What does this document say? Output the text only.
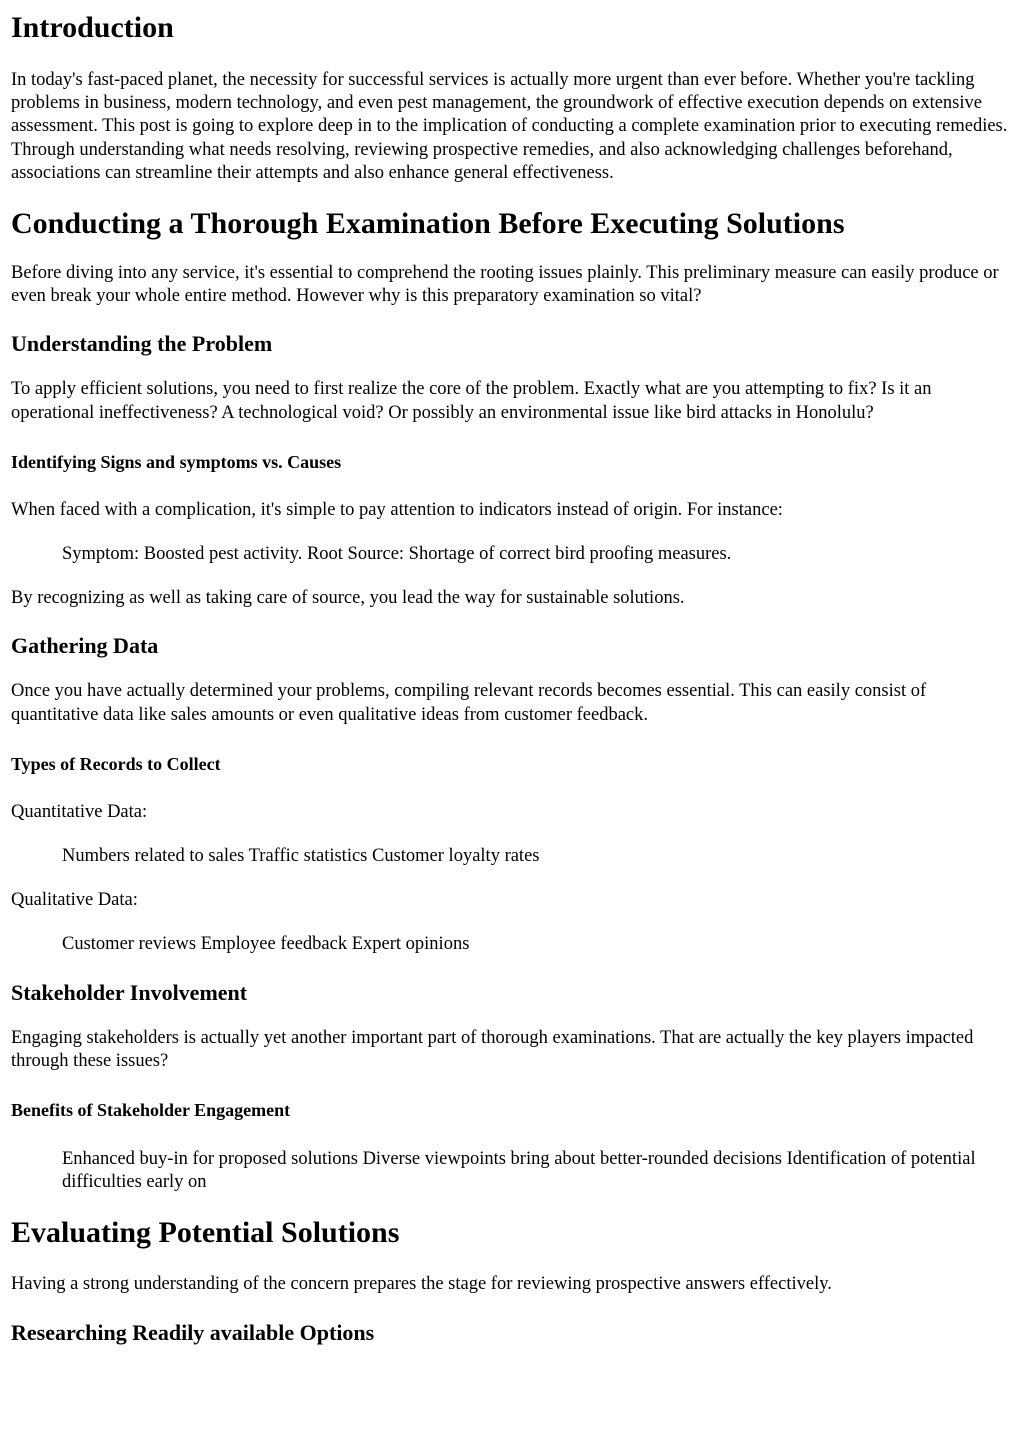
Introduction

In today's fast-paced planet, the necessity for successful services is actually more urgent than ever before. Whether you're tackling problems in business, modern technology, and even pest management, the groundwork of effective execution depends on extensive assessment. This post is going to explore deep in to the implication of conducting a complete examination prior to executing remedies. Through understanding what needs resolving, reviewing prospective remedies, and also acknowledging challenges beforehand, associations can streamline their attempts and also enhance general effectiveness.

Conducting a Thorough Examination Before Executing Solutions

Before diving into any service, it's essential to comprehend the rooting issues plainly. This preliminary measure can easily produce or even break your whole entire method. However why is this preparatory examination so vital?

Understanding the Problem

To apply efficient solutions, you need to first realize the core of the problem. Exactly what are you attempting to fix? Is it an operational ineffectiveness? A technological void? Or possibly an environmental issue like bird attacks in Honolulu?

Identifying Signs and symptoms vs. Causes

When faced with a complication, it's simple to pay attention to indicators instead of origin. For instance:

Symptom: Boosted pest activity. Root Source: Shortage of correct bird proofing measures.

By recognizing as well as taking care of source, you lead the way for sustainable solutions.

Gathering Data

Once you have actually determined your problems, compiling relevant records becomes essential. This can easily consist of quantitative data like sales amounts or even qualitative ideas from customer feedback.

Types of Records to Collect

Quantitative Data:

Numbers related to sales Traffic statistics Customer loyalty rates

Qualitative Data:

Customer reviews Employee feedback Expert opinions
Stakeholder Involvement

Engaging stakeholders is actually yet another important part of thorough examinations. That are actually the key players impacted through these issues?

Benefits of Stakeholder Engagement
Enhanced buy-in for proposed solutions Diverse viewpoints bring about better-rounded decisions Identification of potential difficulties early on
Evaluating Potential Solutions

Having a strong understanding of the concern prepares the stage for reviewing prospective answers effectively.

Researching Readily available Options
